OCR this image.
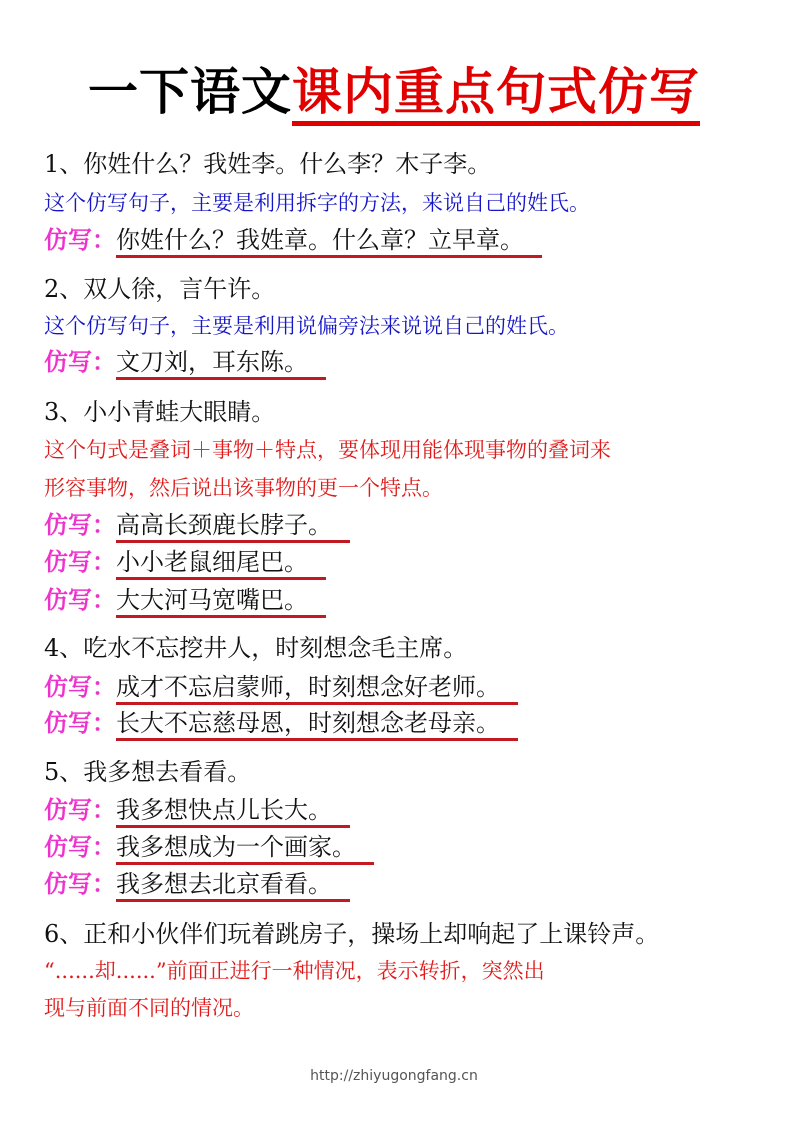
一下语文课内重点句式仿写
1、你姓什么？我姓李。什么李？木子李。
这个仿写句子，主要是利用拆字的方法，来说自己的姓氏。
仿写：你姓什么？我姓章。什么章？立早章。
2、双人徐，言午许。
这个仿写句子，主要是利用说偏旁法来说说自己的姓氏。
仿写：文刀刘，耳东陈。
3、小小青蛙大眼睛。
这个句式是叠词＋事物＋特点，要体现用能体现事物的叠词来
形容事物，然后说出该事物的更一个特点。
仿写：高高长颈鹿长脖子。
仿写：小小老鼠细尾巴。
仿写：大大河马宽嘴巴。
4、吃水不忘挖井人，时刻想念毛主席。
仿写：成才不忘启蒙师，时刻想念好老师。
仿写：长大不忘慈母恩，时刻想念老母亲。
5、我多想去看看。
仿写：我多想快点儿长大。
仿写：我多想成为一个画家。
仿写：我多想去北京看看。
6、正和小伙伴们玩着跳房子，操场上却响起了上课铃声。
“......却......”前面正进行一种情况，表示转折，突然出
现与前面不同的情况。
http://zhiyugongfang.cn
